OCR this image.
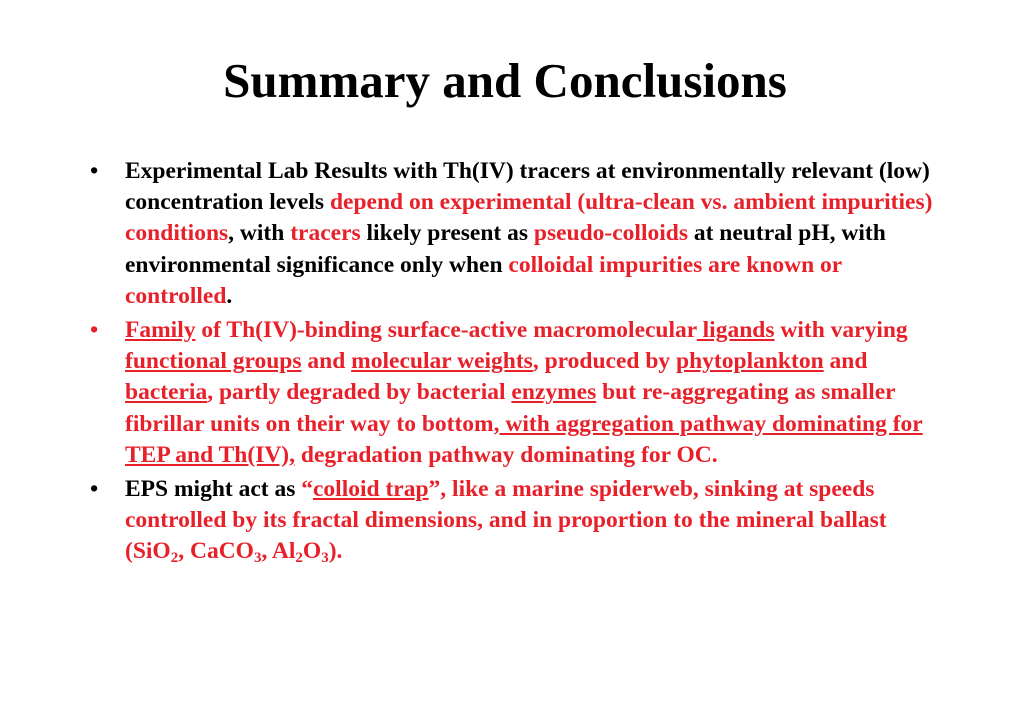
Summary and Conclusions
• Experimental Lab Results with Th(IV) tracers at environmentally relevant (low) concentration levels depend on experimental (ultra-clean vs. ambient impurities) conditions, with tracers likely present as pseudo-colloids at neutral pH, with environmental significance only when colloidal impurities are known or controlled.
• Family of Th(IV)-binding surface-active macromolecular ligands with varying functional groups and molecular weights, produced by phytoplankton and bacteria, partly degraded by bacterial enzymes but re-aggregating as smaller fibrillar units on their way to bottom, with aggregation pathway dominating for TEP and Th(IV), degradation pathway dominating for OC.
• EPS might act as “colloid trap”, like a marine spiderweb, sinking at speeds controlled by its fractal dimensions, and in proportion to the mineral ballast (SiO$_2$, CaCO$_3$, $Al_2O_3$).
